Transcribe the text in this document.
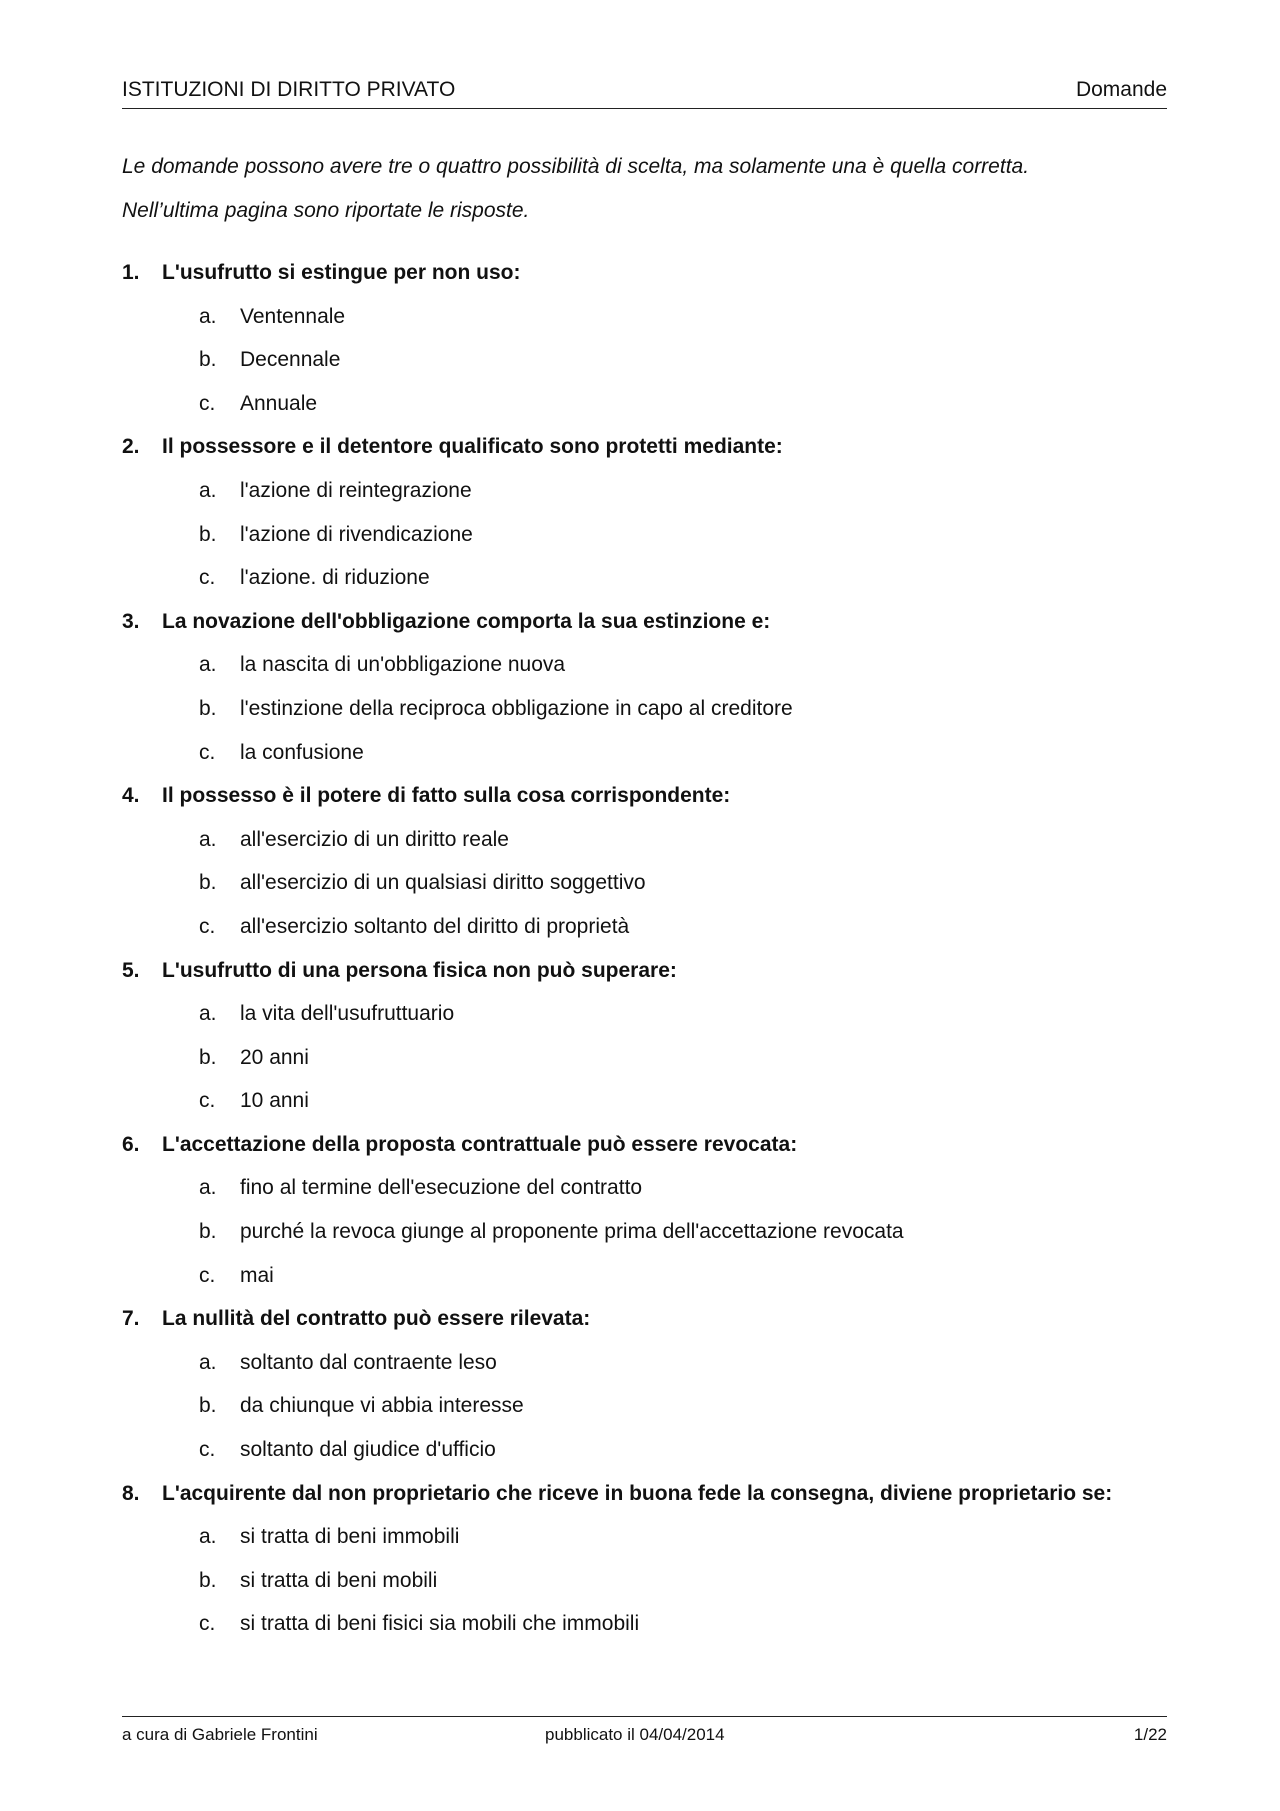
ISTITUZIONI DI DIRITTO PRIVATO	Domande

Le domande possono avere tre o quattro possibilità di scelta, ma solamente una è quella corretta.

Nell’ultima pagina sono riportate le risposte.

1. L'usufrutto si estingue per non uso:
a. Ventennale
b. Decennale
c. Annuale
2. Il possessore e il detentore qualificato sono protetti mediante:
a. l'azione di reintegrazione
b. l'azione di rivendicazione
c. l'azione. di riduzione
3. La novazione dell'obbligazione comporta la sua estinzione e:
a. la nascita di un'obbligazione nuova
b. l'estinzione della reciproca obbligazione in capo al creditore
c. la confusione
4. Il possesso è il potere di fatto sulla cosa corrispondente:
a. all'esercizio di un diritto reale
b. all'esercizio di un qualsiasi diritto soggettivo
c. all'esercizio soltanto del diritto di proprietà
5. L'usufrutto di una persona fisica non può superare:
a. la vita dell'usufruttuario
b. 20 anni
c. 10 anni
6. L'accettazione della proposta contrattuale può essere revocata:
a. fino al termine dell'esecuzione del contratto
b. purché la revoca giunge al proponente prima dell'accettazione revocata
c. mai
7. La nullità del contratto può essere rilevata:
a. soltanto dal contraente leso
b. da chiunque vi abbia interesse
c. soltanto dal giudice d'ufficio
8. L'acquirente dal non proprietario che riceve in buona fede la consegna, diviene proprietario se:
a. si tratta di beni immobili
b. si tratta di beni mobili
c. si tratta di beni fisici sia mobili che immobili
a cura di Gabriele Frontini	pubblicato il 04/04/2014	1/22
